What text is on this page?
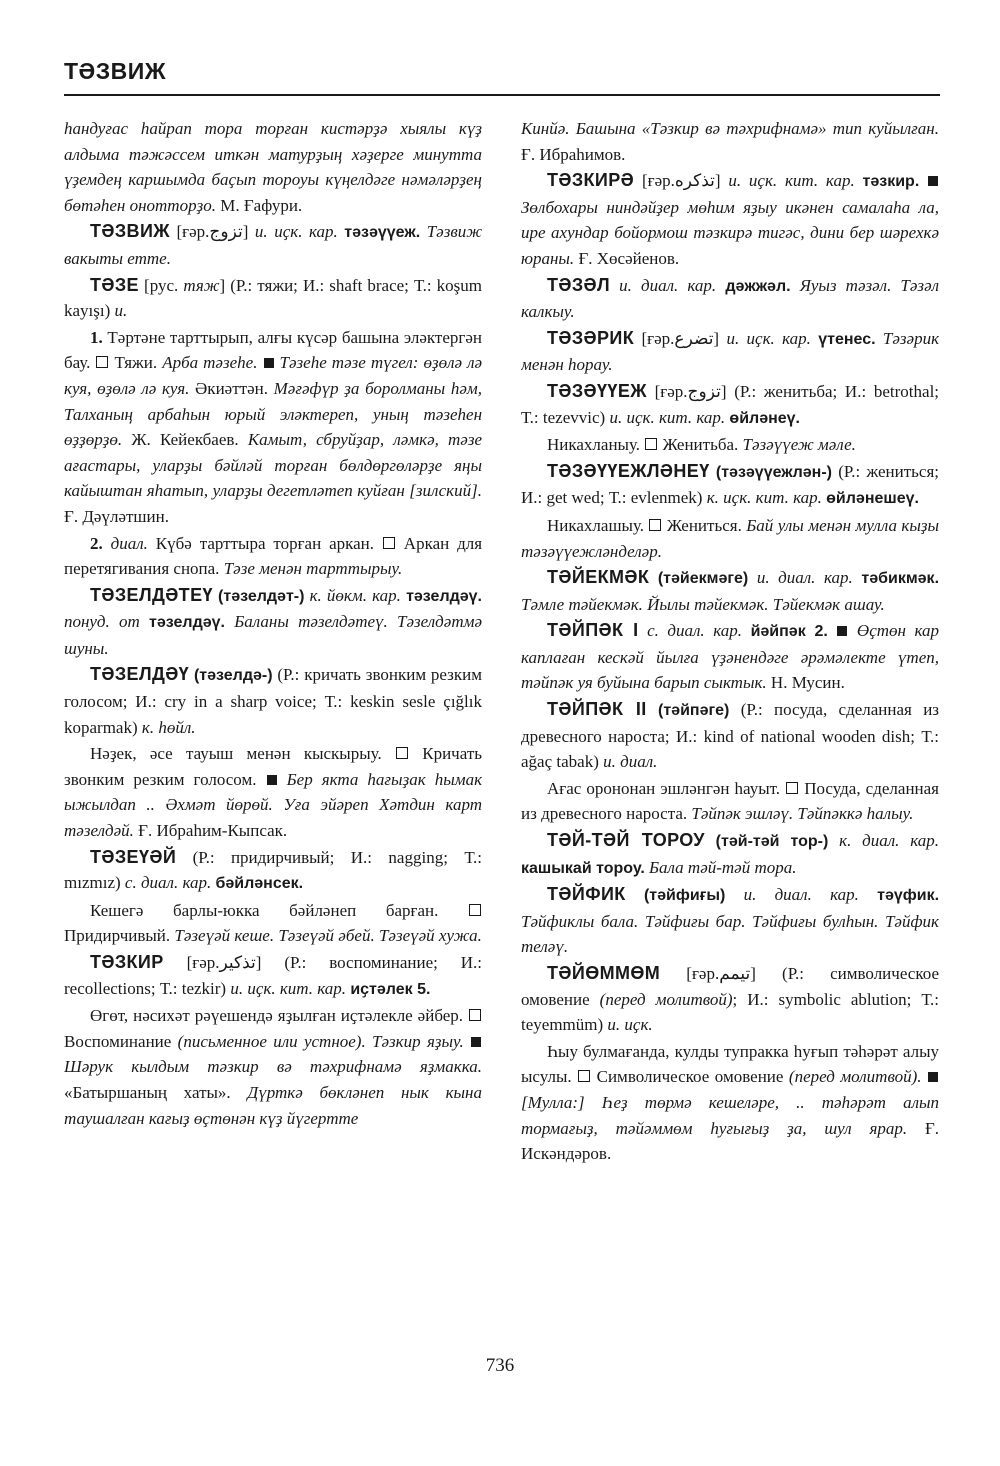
ТӘЗВИЖ

һандуғас һайрап тора торған кистәрҙә хыялы күҙ алдыма тәжәссем иткән матурҙың хәҙерге минутта үҙемдең каршымда баҫып тороуы күңелдәге нәмәләрҙең бөтәһен онотторҙо. М. Ғафури.

ТӘЗВИЖ [ғәр.تزوج] и. иҫк. кар. тәзәүүеж. Тәзвиж вакыты етте.

ТӘЗЕ [рус. тяж] (Р.: тяжи; И.: shaft brace; Т.: koşum kayışı) и.

1. Тәртәне тарттырып, алғы күсәр башына эләктергән бау. Тяжи. Арба тәзеһе. Тәзеһе тәзе түгел: өҙөлә лә куя, өҙөлә лә куя. Әкиәттән. Мәғәфүр ҙа боролманы һәм, Талханың арбаһын юрый эләктереп, уның тәзеһен өҙҙөрҙө. Ж. Кейекбаев. Камыт, сбруйҙар, ләмкә, тәзе ағастары, уларҙы бәйләй торған бөлдөргөләрҙе яңы кайыштан яһатып, уларҙы дегетләтеп куйған [зилский]. Ғ. Дәүләтшин.

2. диал. Күбә тарттыра торған аркан. Аркан для перетягивания снопа. Тәзе менән тарттырыу.

ТӘЗЕЛДӘТЕҮ (тәзелдәт-) к. йөкм. кар. тәзелдәү. понуд. от тәзелдәү. Баланы тәзелдәтеү. Тәзелдәтмә шуны.

ТӘЗЕЛДӘҮ (тәзелдә-) (Р.: кричать звонким резким голосом; И.: cry in a sharp voice; Т.: keskin sesle çığlık koparmak) к. һөйл.

Нәҙек, әсе тауыш менән кыскырыу. Кричать звонким резким голосом. Бер якта һағыҙак һымак ыжылдап .. Әхмәт йөрөй. Уға эйәреп Хәтдин карт тәзелдәй. Ғ. Ибраһим-Кыпсак.

ТӘЗЕҮӘЙ (Р.: придирчивый; И.: nagging; Т.: mızmız) с. диал. кар. бәйләнсек.

Кешегә барлы-юкка бәйләнеп барған.  Придирчивый. Тәзеүәй кеше. Тәзеүәй әбей. Тәзеүәй хужа.

ТӘЗКИР [ғәр.تذكير] (Р.: воспоминание; И.: recollections; Т.: tezkir) и. иҫк. кит. кар. иҫтәлек 5.

Өгөт, нәсихәт рәүешендә яҙылған иҫтәлекле әйбер.  Воспоминание (письменное или устное). Тәзкир яҙыу.  Шәрук кылдым тәзкир вә тәхрифнамә яҙмакка. «Батыршаның хаты». Дүрткә бөкләнеп нык кына таушалған кағыҙ өҫтөнән күҙ йүгертте

Кинйә. Башына «Тәзкир вә тәхрифнамә» тип куйылған. Ғ. Ибраһимов.

ТӘЗКИРӘ [ғәр.تذكره] и. иҫк. кит. кар. тәзкир.  Зөлбохары ниндәйҙер мөһим яҙыу икәнен самалаһа ла, ире ахундар бойормош тәзкирә тигәс, дини бер шәрехкә юраны. Ғ. Хөсәйенов.

ТӘЗӘЛ и. диал. кар. дәжжәл. Яуыз тәзәл. Тәзәл калкыу.

ТӘЗӘРИК [ғәр.تضرع] и. иҫк. кар. үтенес. Тәзәрик менән һорау.

ТӘЗӘҮҮЕЖ [ғәр.تزوج] (Р.: женитьба; И.: betrothal; Т.: tezevvic) и. иҫк. кит. кар. өйләнеү.

Никахланыу. Женитьба. Тәзәүүеж мәле.

ТӘЗӘҮҮЕЖЛӘНЕҮ (тәзәүүежлән-) (Р.: жениться; И.: get wed; Т.: evlenmek) к. иҫк. кит. кар. өйләнешеү.

Никахлашыу. Жениться. Бай улы менән мулла кыҙы тәзәүүежләнделәр.

ТӘЙЕКМӘК (тәйекмәге) и. диал. кар. тәбикмәк. Тәмле тәйекмәк. Йылы тәйекмәк. Тәйекмәк ашау.

ТӘЙПӘК I с. диал. кар. йәйпәк 2. Өҫтөн кар каплаған кескәй йылға үҙәнендәге әрәмәлекте үтеп, тәйпәк уя буйына барып сыктык. Н. Мусин.

ТӘЙПӘК II (тәйпәге) (Р.: посуда, сделанная из древесного нароста; И.: kind of national wooden dish; Т.: ağaç tabak) и. диал.

Ағас орононан эшләнгән һауыт. Посуда, сделанная из древесного нароста. Тәйпәк эшләү. Тәйпәккә һалыу.

ТӘЙ-ТӘЙ ТОРОУ (тәй-тәй тор-) к. диал. кар. кашыкай тороу. Бала тәй-тәй тора.

ТӘЙФИК (тәйфиғы) и. диал. кар. тәүфик. Тәйфиклы бала. Тәйфиғы бар. Тәйфиғы булһын. Тәйфик теләү.

ТӘЙӨММӨМ [ғәр.تيمم] (Р.: символическое омовение (перед молитвой); И.: symbolic ablution; Т.: teyemmüm) и. иҫк.

Һыу булмағанда, кулды тупракка һуғып тәһәрәт алыу ысулы. Символическое омовение (перед молитвой).  [Мулла:] Һеҙ төрмә кешеләре, .. тәһәрәт алып тормағыҙ, тәйәммөм һуғығыҙ ҙа, шул ярар. Ғ. Искәндәров.

736
